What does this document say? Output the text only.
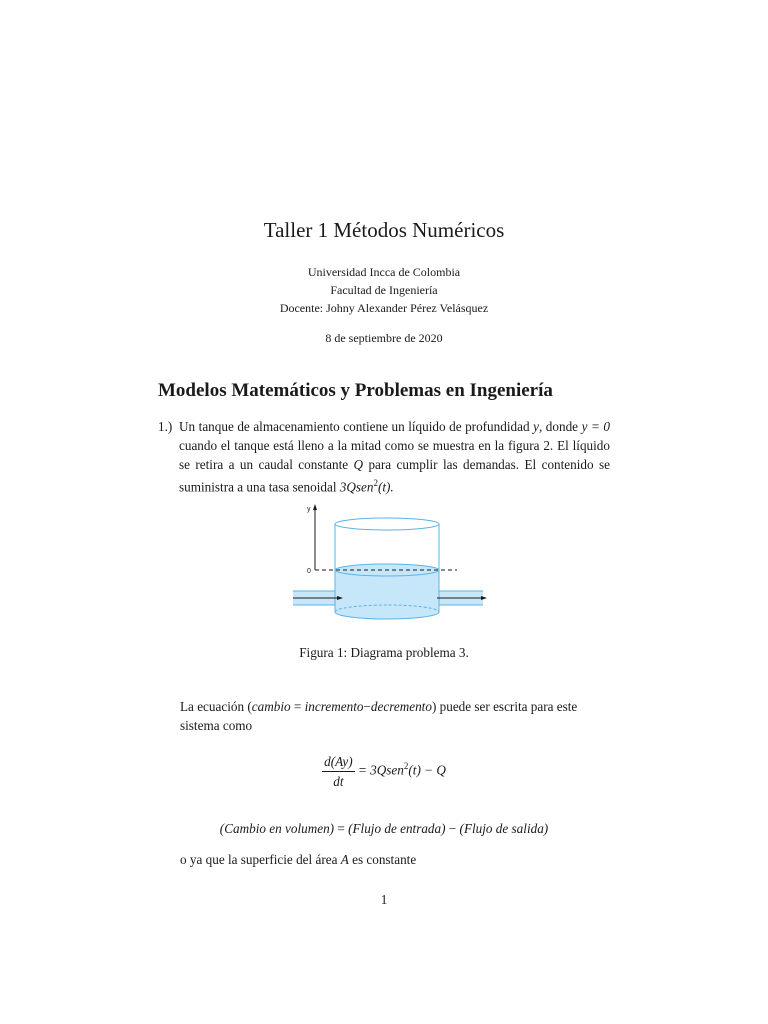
Taller 1 Métodos Numéricos
Universidad Incca de Colombia
Facultad de Ingeniería
Docente: Johny Alexander Pérez Velásquez
8 de septiembre de 2020
Modelos Matemáticos y Problemas en Ingeniería
1.) Un tanque de almacenamiento contiene un líquido de profundidad y, donde y = 0 cuando el tanque está lleno a la mitad como se muestra en la figura 2. El líquido se retira a un caudal constante Q para cumplir las demandas. El contenido se suministra a una tasa senoidal 3Qsen$^2$(t).
y
0
Figura 1: Diagrama problema 3.
La ecuación (cambio = incremento−decremento) puede ser escrita para este sistema como
$\frac{d(Ay)}{dt}$ = 3Qsen$^2$(t) − Q
(Cambio en volumen) = (Flujo de entrada) − (Flujo de salida)
o ya que la superficie del área A es constante
1
